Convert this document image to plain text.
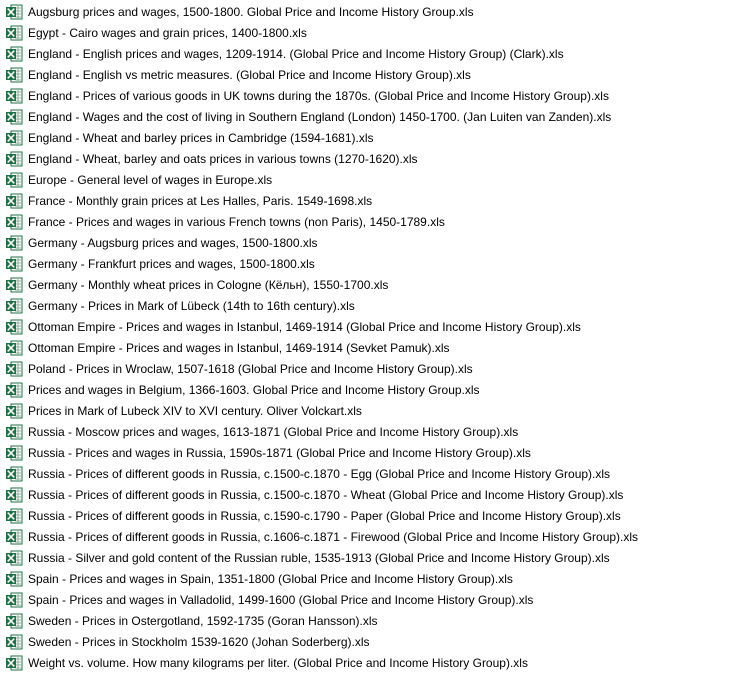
Augsburg prices and wages, 1500-1800. Global Price and Income History Group.xls
Egypt - Cairo wages and grain prices, 1400-1800.xls
England - English prices and wages, 1209-1914. (Global Price and Income History Group) (Clark).xls
England - English vs metric measures. (Global Price and Income History Group).xls
England - Prices of various goods in UK towns during the 1870s. (Global Price and Income History Group).xls
England - Wages and the cost of living in Southern England (London) 1450-1700. (Jan Luiten van Zanden).xls
England - Wheat and barley prices in Cambridge (1594-1681).xls
England - Wheat, barley and oats prices in various towns (1270-1620).xls
Europe - General level of wages in Europe.xls
France - Monthly grain prices at Les Halles, Paris. 1549-1698.xls
France - Prices and wages in various French towns (non Paris), 1450-1789.xls
Germany - Augsburg prices and wages, 1500-1800.xls
Germany - Frankfurt prices and wages, 1500-1800.xls
Germany - Monthly wheat prices in Cologne (Кёльн), 1550-1700.xls
Germany - Prices in Mark of Lübeck (14th to 16th century).xls
Ottoman Empire - Prices and wages in Istanbul, 1469-1914 (Global Price and Income History Group).xls
Ottoman Empire - Prices and wages in Istanbul, 1469-1914 (Sevket Pamuk).xls
Poland - Prices in Wroclaw, 1507-1618 (Global Price and Income History Group).xls
Prices and wages in Belgium, 1366-1603. Global Price and Income History Group.xls
Prices in Mark of Lubeck XIV to XVI century. Oliver Volckart.xls
Russia - Moscow prices and wages, 1613-1871 (Global Price and Income History Group).xls
Russia - Prices and wages in Russia, 1590s-1871 (Global Price and Income History Group).xls
Russia - Prices of different goods in Russia, c.1500-c.1870 - Egg (Global Price and Income History Group).xls
Russia - Prices of different goods in Russia, c.1500-c.1870 - Wheat (Global Price and Income History Group).xls
Russia - Prices of different goods in Russia, c.1590-c.1790 - Paper (Global Price and Income History Group).xls
Russia - Prices of different goods in Russia, c.1606-c.1871 - Firewood (Global Price and Income History Group).xls
Russia - Silver and gold content of the Russian ruble, 1535-1913 (Global Price and Income History Group).xls
Spain - Prices and wages in Spain, 1351-1800 (Global Price and Income History Group).xls
Spain - Prices and wages in Valladolid, 1499-1600 (Global Price and Income History Group).xls
Sweden - Prices in Ostergotland, 1592-1735 (Goran Hansson).xls
Sweden - Prices in Stockholm 1539-1620 (Johan Soderberg).xls
Weight vs. volume. How many kilograms per liter. (Global Price and Income History Group).xls
